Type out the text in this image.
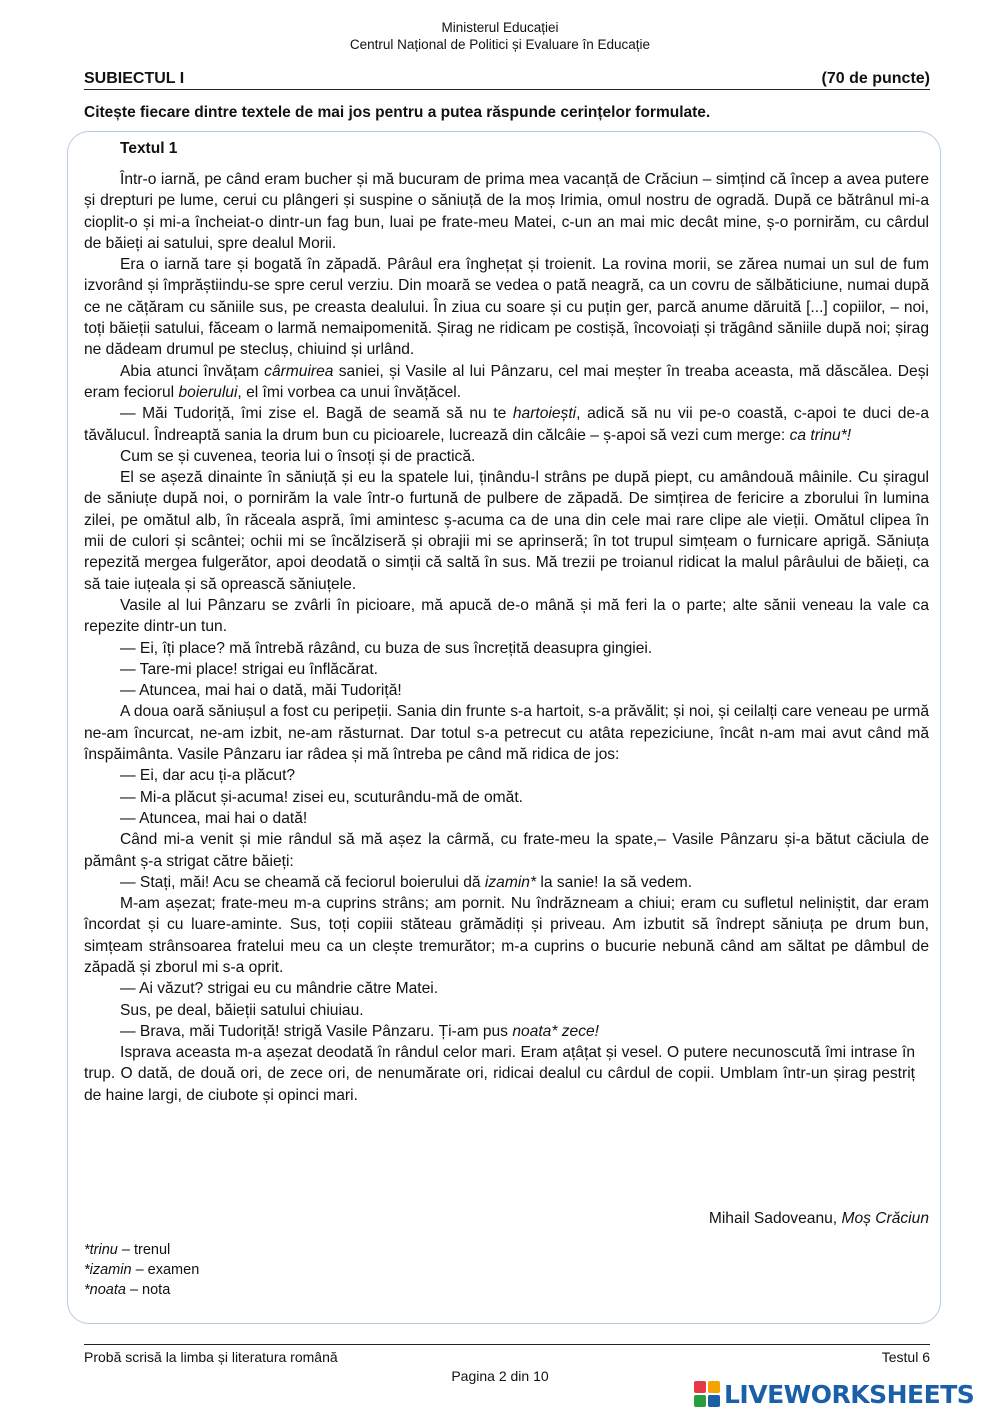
Ministerul Educației
Centrul Național de Politici și Evaluare în Educație
SUBIECTUL I	(70 de puncte)
Citește fiecare dintre textele de mai jos pentru a putea răspunde cerințelor formulate.
Textul 1

Într-o iarnă, pe când eram bucher și mă bucuram de prima mea vacanță de Crăciun – simțind că încep a avea putere și drepturi pe lume, cerui cu plângeri și suspine o săniuță de la moș Irimia, omul nostru de ogradă. După ce bătrânul mi-a cioplit-o și mi-a încheiat-o dintr-un fag bun, luai pe frate-meu Matei, c-un an mai mic decât mine, ș-o pornirăm, cu cârdul de băieți ai satului, spre dealul Morii.

Era o iarnă tare și bogată în zăpadă. Pârâul era înghețat și troienit. La rovina morii, se zărea numai un sul de fum izvorând și împrăștiindu-se spre cerul verziu. Din moară se vedea o pată neagră, ca un covru de sălbăticiune, numai după ce ne cățăram cu săniile sus, pe creasta dealului. În ziua cu soare și cu puțin ger, parcă anume dăruită [...] copiilor, – noi, toți băieții satului, făceam o larmă nemaipomenită. Șirag ne ridicam pe costișă, încovoiați și trăgând săniile după noi; șirag ne dădeam drumul pe stecluș, chiuind și urlând.

Abia atunci învățam cârmuirea saniei, și Vasile al lui Pânzaru, cel mai meșter în treaba aceasta, mă dăscălea. Deși eram feciorul boierului, el îmi vorbea ca unui învățăcel.

— Măi Tudoriță, îmi zise el. Bagă de seamă să nu te hartoiești, adică să nu vii pe-o coastă, c-apoi te duci de-a tăvălucul. Îndreaptă sania la drum bun cu picioarele, lucrează din călcâie – ș-apoi să vezi cum merge: ca trinu*!

Cum se și cuvenea, teoria lui o însoți și de practică.

El se așeză dinainte în săniuță și eu la spatele lui, ținându-l strâns pe după piept, cu amândouă mâinile. Cu șiragul de săniuțe după noi, o pornirăm la vale într-o furtună de pulbere de zăpadă. De simțirea de fericire a zborului în lumina zilei, pe omătul alb, în răceala aspră, îmi amintesc ș-acuma ca de una din cele mai rare clipe ale vieții. Omătul clipea în mii de culori și scântei; ochii mi se încălziseră și obrajii mi se aprinseră; în tot trupul simțeam o furnicare aprigă. Săniuța repezită mergea fulgerător, apoi deodată o simții că saltă în sus. Mă trezii pe troianul ridicat la malul pârâului de băieți, ca să taie iuțeala și să oprească săniuțele.

Vasile al lui Pânzaru se zvârli în picioare, mă apucă de-o mână și mă feri la o parte; alte sănii veneau la vale ca repezite dintr-un tun.

— Ei, îți place? mă întrebă râzând, cu buza de sus încrețită deasupra gingiei.

— Tare-mi place! strigai eu înflăcărat.

— Atuncea, mai hai o dată, măi Tudoriță!

A doua oară săniușul a fost cu peripeții. Sania din frunte s-a hartoit, s-a prăvălit; și noi, și ceilalți care veneau pe urmă ne-am încurcat, ne-am izbit, ne-am răsturnat. Dar totul s-a petrecut cu atâta repeziciune, încât n-am mai avut când mă înspăimânta. Vasile Pânzaru iar râdea și mă întreba pe când mă ridica de jos:

— Ei, dar acu ți-a plăcut?

— Mi-a plăcut și-acuma! zisei eu, scuturându-mă de omăt.

— Atuncea, mai hai o dată!

Când mi-a venit și mie rândul să mă așez la cârmă, cu frate-meu la spate,– Vasile Pânzaru și-a bătut căciula de pământ ș-a strigat către băieți:

— Stați, măi! Acu se cheamă că feciorul boierului dă izamin* la sanie! Ia să vedem.

M-am așezat; frate-meu m-a cuprins strâns; am pornit. Nu îndrăzneam a chiui; eram cu sufletul neliniștit, dar eram încordat și cu luare-aminte. Sus, toți copiii stăteau grămădiți și priveau. Am izbutit să îndrept săniuța pe drum bun, simțeam strânsoarea fratelui meu ca un clește tremurător; m-a cuprins o bucurie nebună când am săltat pe dâmbul de zăpadă și zborul mi s-a oprit.

— Ai văzut? strigai eu cu mândrie către Matei.

Sus, pe deal, băieții satului chiuiau.

— Brava, măi Tudoriță! strigă Vasile Pânzaru. Ți-am pus noata* zece!

Isprava aceasta m-a așezat deodată în rândul celor mari. Eram ațâțat și vesel. O putere necunoscută îmi intrase în trup. O dată, de două ori, de zece ori, de nenumărate ori, ridicai dealul cu cârdul de copii. Umblam într-un șirag pestriț de haine largi, de ciubote și opinci mari.

Mihail Sadoveanu, Moș Crăciun
*trinu – trenul
*izamin – examen
*noata – nota
Probă scrisă la limba și literatura română	Testul 6
Pagina 2 din 10
LIVEWORKSHEETS
